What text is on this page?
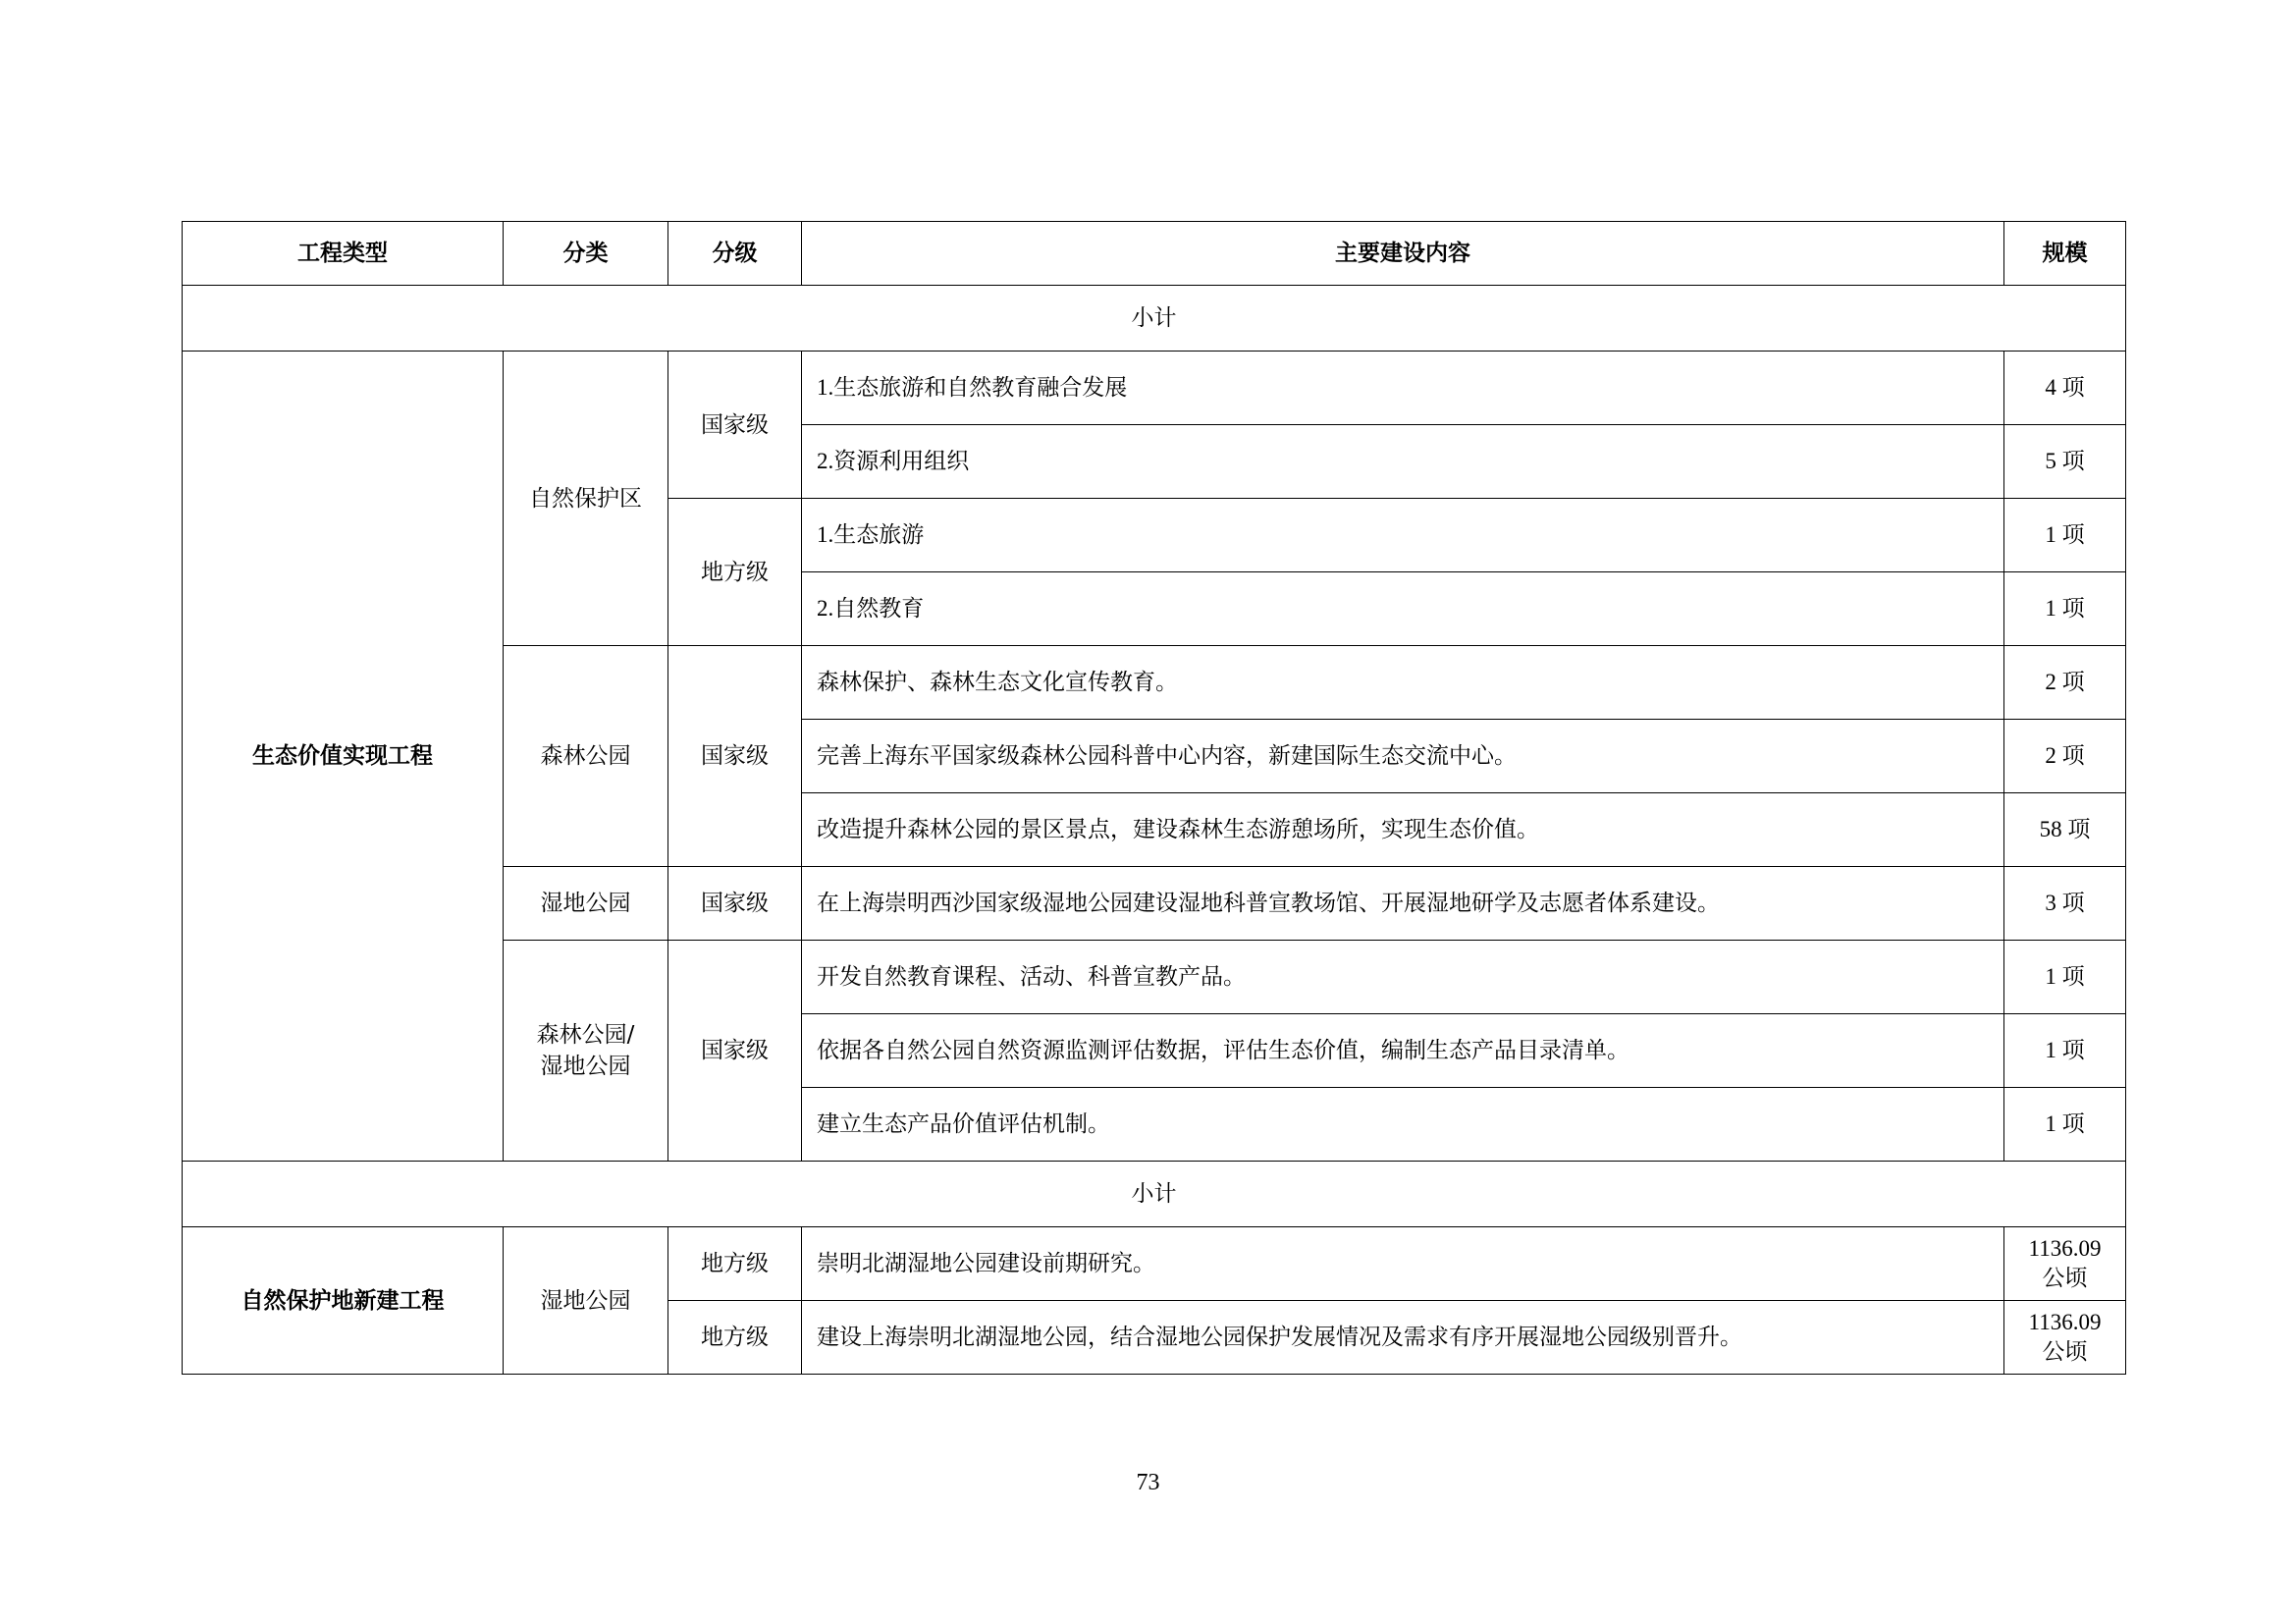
工程类型	分类	分级	主要建设内容	规模
小计				
生态价值实现工程	自然保护区	国家级	1.生态旅游和自然教育融合发展	4 项
			2.资源利用组织	5 项
		地方级	1.生态旅游	1 项
			2.自然教育	1 项
	森林公园	国家级	森林保护、森林生态文化宣传教育。	2 项
			完善上海东平国家级森林公园科普中心内容，新建国际生态交流中心。	2 项
			改造提升森林公园的景区景点，建设森林生态游憩场所，实现生态价值。	58 项
	湿地公园	国家级	在上海崇明西沙国家级湿地公园建设湿地科普宣教场馆、开展湿地研学及志愿者体系建设。	3 项
	森林公园/
湿地公园	国家级	开发自然教育课程、活动、科普宣教产品。	1 项
			依据各自然公园自然资源监测评估数据，评估生态价值，编制生态产品目录清单。	1 项
			建立生态产品价值评估机制。	1 项
小计				
自然保护地新建工程	湿地公园	地方级	崇明北湖湿地公园建设前期研究。	1136.09
公顷
		地方级	建设上海崇明北湖湿地公园，结合湿地公园保护发展情况及需求有序开展湿地公园级别晋升。	1136.09
公顷
73
